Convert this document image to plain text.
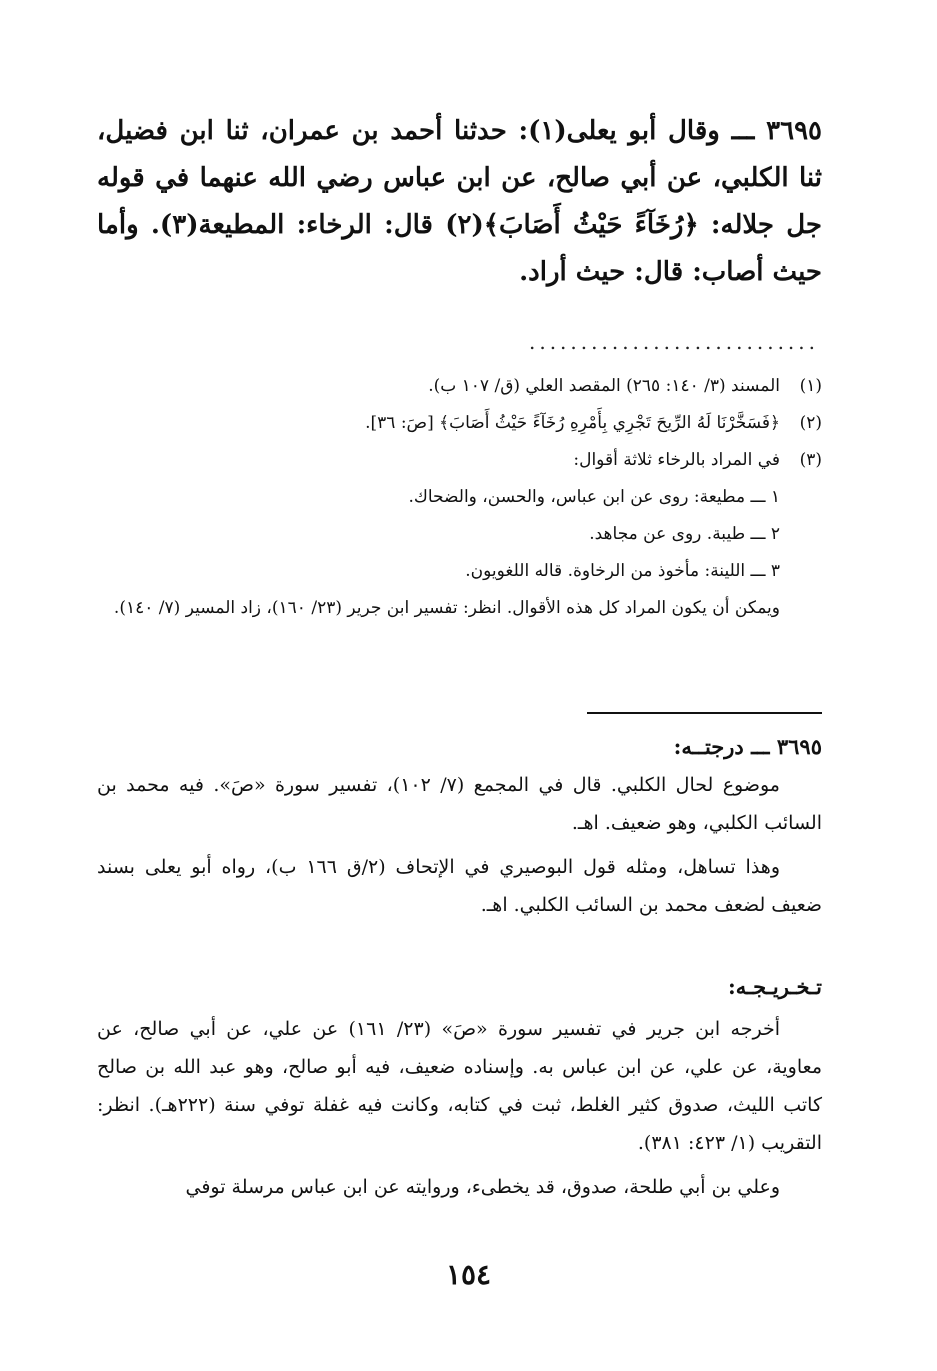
٣٦٩٥ ـــ وقال أبو يعلى(١): حدثنا أحمد بن عمران، ثنا ابن فضيل، ثنا الكلبي، عن أبي صالح، عن ابن عباس رضي الله عنهما في قوله جل جلاله: ﴿رُخَآءً حَيْثُ أَصَابَ﴾(٢) قال: الرخاء: المطيعة(٣). وأما حيث أصاب: قال: حيث أراد.

............................
(١)
المسند (٣/ ١٤٠: ٢٦٥) المقصد العلي (ق/ ١٠٧ ب).
(٢)
﴿فَسَخَّرْنَا لَهُ الرِّيحَ تَجْرِي بِأَمْرِهِ رُخَآءً حَيْثُ أَصَابَ﴾ [صَ: ٣٦].
(٣)
في المراد بالرخاء ثلاثة أقوال:
١ ـــ مطيعة: روى عن ابن عباس، والحسن، والضحاك.
٢ ـــ طيبة. روى عن مجاهد.
٣ ـــ اللينة: مأخوذ من الرخاوة. قاله اللغويون.
ويمكن أن يكون المراد كل هذه الأقوال. انظر: تفسير ابن جرير (٢٣/ ١٦٠)، زاد المسير (٧/ ١٤٠).
٣٦٩٥ ـــ درجتــه:

موضوع لحال الكلبي. قال في المجمع (٧/ ١٠٢)، تفسير سورة «صَ». فيه محمد بن السائب الكلبي، وهو ضعيف. اهـ.

وهذا تساهل، ومثله قول البوصيري في الإتحاف (٢/ق ١٦٦ ب)، رواه أبو يعلى بسند ضعيف لضعف محمد بن السائب الكلبي. اهـ.

تـخـريـجـه:

أخرجه ابن جرير في تفسير سورة «صَ» (٢٣/ ١٦١) عن علي، عن أبي صالح، عن معاوية، عن علي، عن ابن عباس به. وإسناده ضعيف، فيه أبو صالح، وهو عبد الله بن صالح كاتب الليث، صدوق كثير الغلط، ثبت في كتابه، وكانت فيه غفلة توفي سنة (٢٢٢هـ). انظر: التقريب (١/ ٤٢٣: ٣٨١).

وعلي بن أبي طلحة، صدوق، قد يخطىء، وروايته عن ابن عباس مرسلة توفي

١٥٤
